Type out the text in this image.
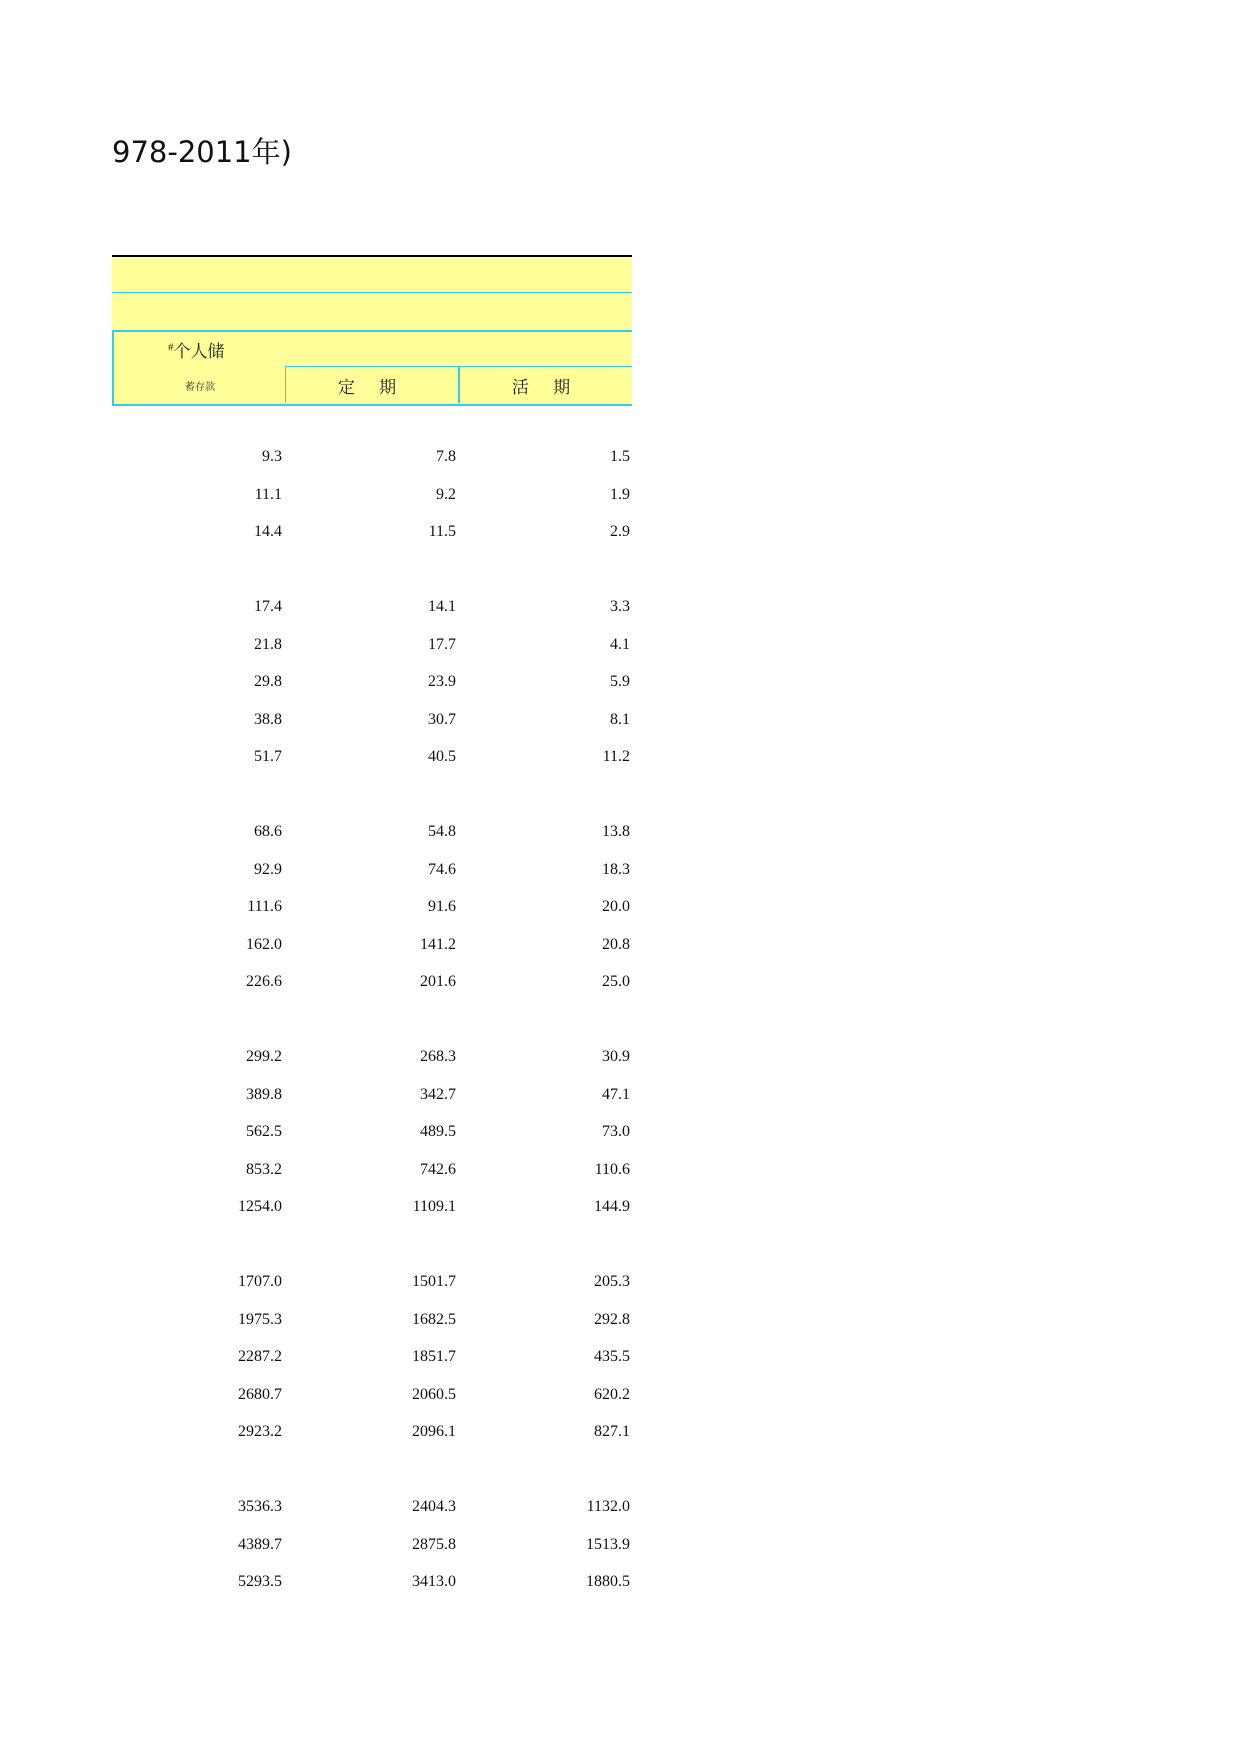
978-2011年)
#个人储
蓄存款	定 期	活 期
9.3	7.8	1.5
11.1	9.2	1.9
14.4	11.5	2.9
17.4	14.1	3.3
21.8	17.7	4.1
29.8	23.9	5.9
38.8	30.7	8.1
51.7	40.5	11.2
68.6	54.8	13.8
92.9	74.6	18.3
111.6	91.6	20.0
162.0	141.2	20.8
226.6	201.6	25.0
299.2	268.3	30.9
389.8	342.7	47.1
562.5	489.5	73.0
853.2	742.6	110.6
1254.0	1109.1	144.9
1707.0	1501.7	205.3
1975.3	1682.5	292.8
2287.2	1851.7	435.5
2680.7	2060.5	620.2
2923.2	2096.1	827.1
3536.3	2404.3	1132.0
4389.7	2875.8	1513.9
5293.5	3413.0	1880.5
